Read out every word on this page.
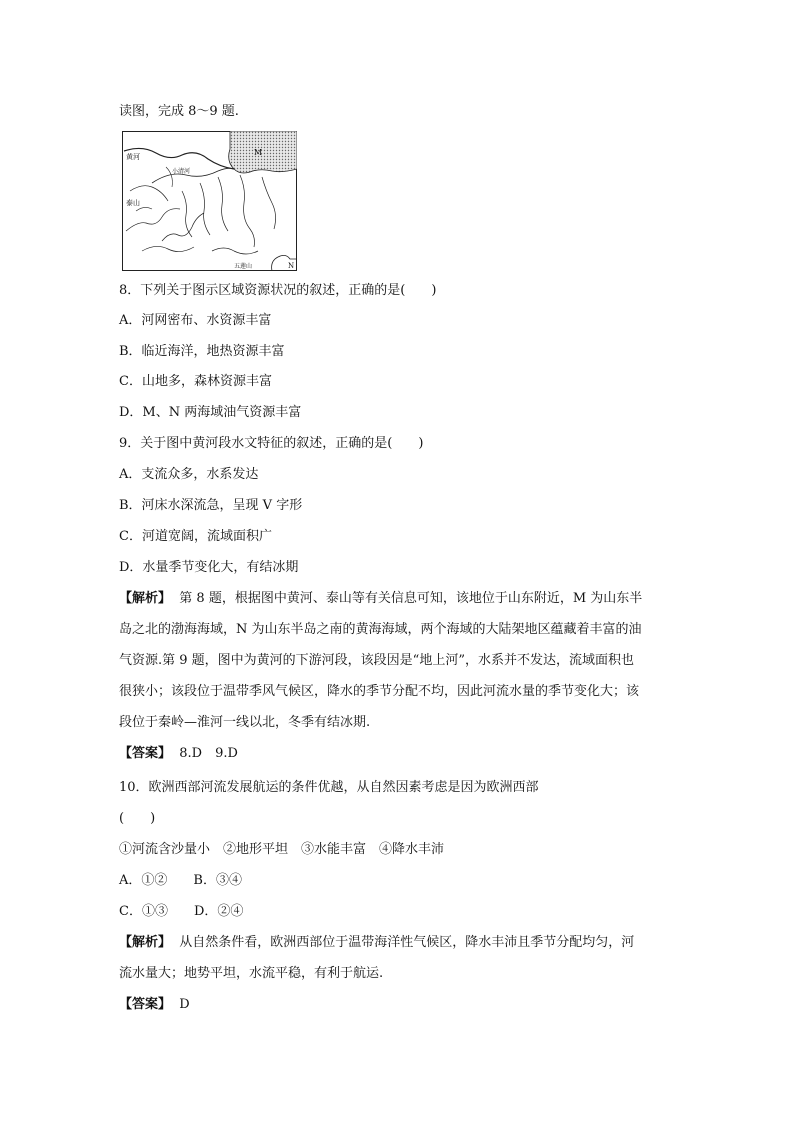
读图，完成 8～9 题.
黄河
小清河
泰山
M
N
五莲山
8．下列关于图示区域资源状况的叙述，正确的是(　　)
A．河网密布、水资源丰富
B．临近海洋，地热资源丰富
C．山地多，森林资源丰富
D．M、N 两海域油气资源丰富
9．关于图中黄河段水文特征的叙述，正确的是(　　)
A．支流众多，水系发达
B．河床水深流急，呈现 V 字形
C．河道宽阔，流域面积广
D．水量季节变化大，有结冰期
【解析】 第 8 题，根据图中黄河、泰山等有关信息可知，该地位于山东附近，M 为山东半
岛之北的渤海海域，N 为山东半岛之南的黄海海域，两个海域的大陆架地区蕴藏着丰富的油
气资源.第 9 题，图中为黄河的下游河段，该段因是“地上河”，水系并不发达，流域面积也
很狭小；该段位于温带季风气候区，降水的季节分配不均，因此河流水量的季节变化大；该
段位于秦岭—淮河一线以北，冬季有结冰期.
【答案】 8.D　9.D
10．欧洲西部河流发展航运的条件优越，从自然因素考虑是因为欧洲西部
(　　)
①河流含沙量小　②地形平坦　③水能丰富　④降水丰沛
A．①②　　B．③④
C．①③　　D．②④
【解析】 从自然条件看，欧洲西部位于温带海洋性气候区，降水丰沛且季节分配均匀，河
流水量大；地势平坦，水流平稳，有利于航运.
【答案】 D
